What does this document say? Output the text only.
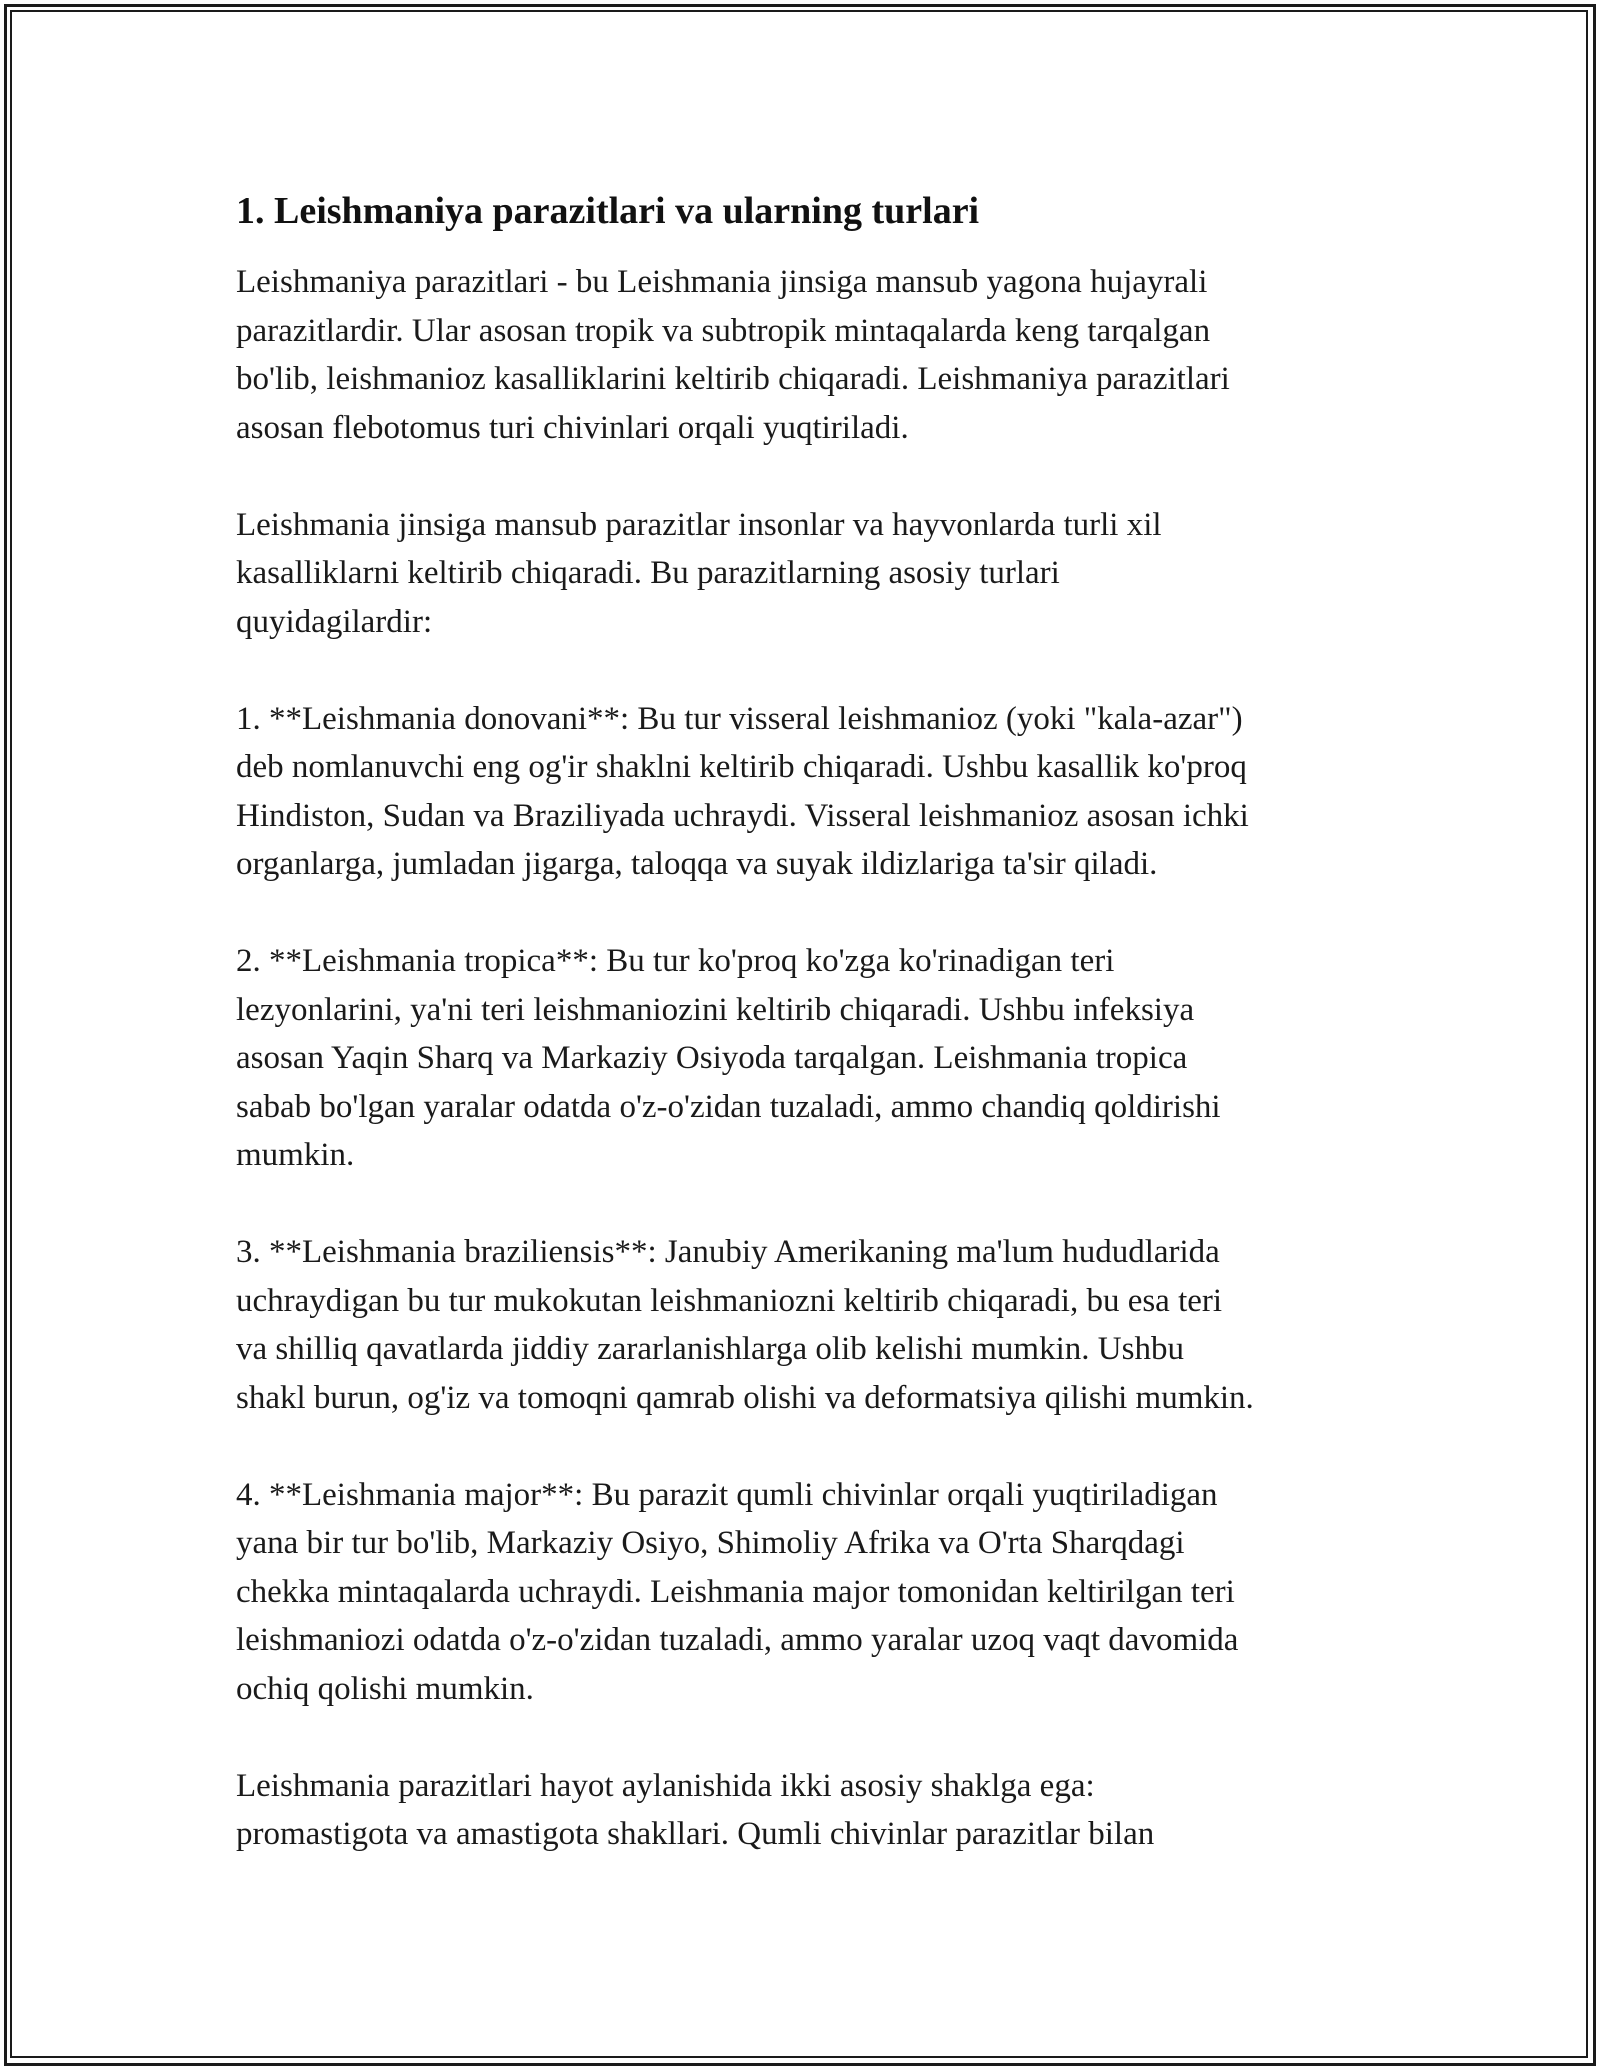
1. Leishmaniya parazitlari va ularning turlari

Leishmaniya parazitlari - bu Leishmania jinsiga mansub yagona hujayrali
parazitlardir. Ular asosan tropik va subtropik mintaqalarda keng tarqalgan
bo'lib, leishmanioz kasalliklarini keltirib chiqaradi. Leishmaniya parazitlari
asosan flebotomus turi chivinlari orqali yuqtiriladi.

Leishmania jinsiga mansub parazitlar insonlar va hayvonlarda turli xil
kasalliklarni keltirib chiqaradi. Bu parazitlarning asosiy turlari
quyidagilardir:

1. **Leishmania donovani**: Bu tur visseral leishmanioz (yoki "kala-azar")
deb nomlanuvchi eng og'ir shaklni keltirib chiqaradi. Ushbu kasallik ko'proq
Hindiston, Sudan va Braziliyada uchraydi. Visseral leishmanioz asosan ichki
organlarga, jumladan jigarga, taloqqa va suyak ildizlariga ta'sir qiladi.

2. **Leishmania tropica**: Bu tur ko'proq ko'zga ko'rinadigan teri
lezyonlarini, ya'ni teri leishmaniozini keltirib chiqaradi. Ushbu infeksiya
asosan Yaqin Sharq va Markaziy Osiyoda tarqalgan. Leishmania tropica
sabab bo'lgan yaralar odatda o'z-o'zidan tuzaladi, ammo chandiq qoldirishi
mumkin.

3. **Leishmania braziliensis**: Janubiy Amerikaning ma'lum hududlarida
uchraydigan bu tur mukokutan leishmaniozni keltirib chiqaradi, bu esa teri
va shilliq qavatlarda jiddiy zararlanishlarga olib kelishi mumkin. Ushbu
shakl burun, og'iz va tomoqni qamrab olishi va deformatsiya qilishi mumkin.

4. **Leishmania major**: Bu parazit qumli chivinlar orqali yuqtiriladigan
yana bir tur bo'lib, Markaziy Osiyo, Shimoliy Afrika va O'rta Sharqdagi
chekka mintaqalarda uchraydi. Leishmania major tomonidan keltirilgan teri
leishmaniozi odatda o'z-o'zidan tuzaladi, ammo yaralar uzoq vaqt davomida
ochiq qolishi mumkin.

Leishmania parazitlari hayot aylanishida ikki asosiy shaklga ega:
promastigota va amastigota shakllari. Qumli chivinlar parazitlar bilan
